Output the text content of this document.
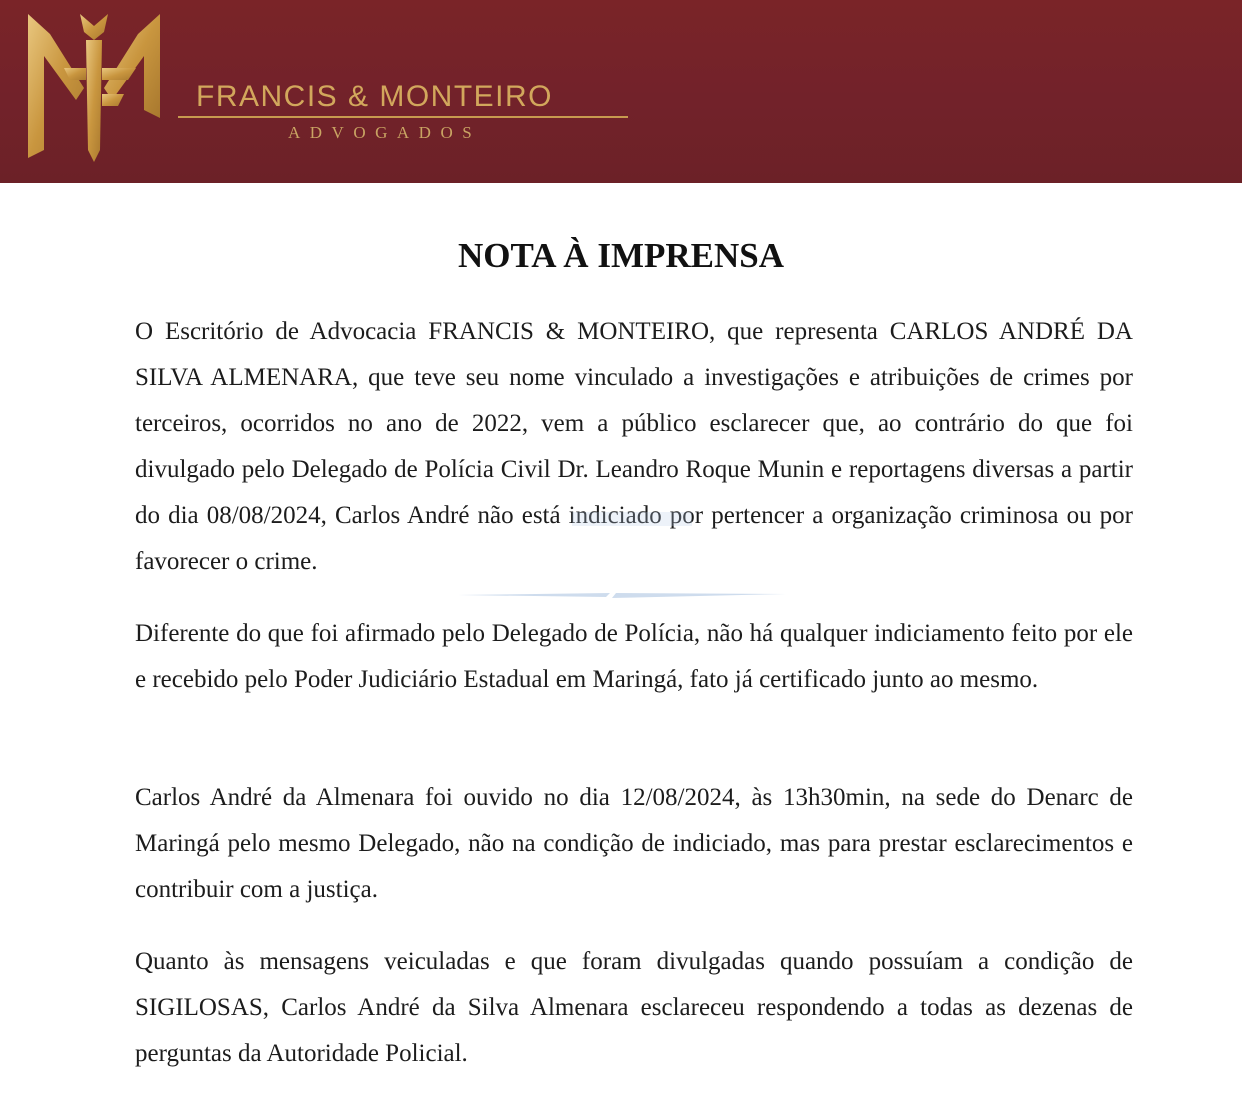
FRANCIS & MONTEIRO
ADVOGADOS
NOTA À IMPRENSA

O Escritório de Advocacia FRANCIS & MONTEIRO, que representa CARLOS ANDRÉ DA SILVA ALMENARA, que teve seu nome vinculado a investigações e atribuições de crimes por terceiros, ocorridos no ano de 2022, vem a público esclarecer que, ao contrário do que foi divulgado pelo Delegado de Polícia Civil Dr. Leandro Roque Munin e reportagens diversas a partir do dia 08/08/2024, Carlos André não está indiciado por pertencer a organização criminosa ou por favorecer o crime.

Diferente do que foi afirmado pelo Delegado de Polícia, não há qualquer indiciamento feito por ele e recebido pelo Poder Judiciário Estadual em Maringá, fato já certificado junto ao mesmo.

Carlos André da Almenara foi ouvido no dia 12/08/2024, às 13h30min, na sede do Denarc de Maringá pelo mesmo Delegado, não na condição de indiciado, mas para prestar esclarecimentos e contribuir com a justiça.

Quanto às mensagens veiculadas e que foram divulgadas quando possuíam a condição de SIGILOSAS, Carlos André da Silva Almenara esclareceu respondendo a todas as dezenas de perguntas da Autoridade Policial.
